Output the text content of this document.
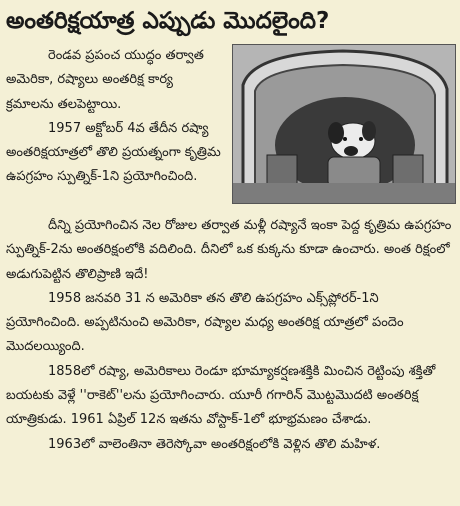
అంతరిక్షయాత్ర ఎప్పుడు మొదలైంది?

రెండవ ప్రపంచ యుద్ధం తర్వాత అమెరికా, రష్యాలు అంతరిక్ష కార్య క్రమాలను తలపెట్టాయి.

1957 అక్టోబర్ 4వ తేదీన రష్యా అంతరిక్షయాత్రలో తొలి ప్రయత్నంగా కృత్రిమ ఉపగ్రహం స్పుత్నిక్-1ని ప్రయోగించింది.

దీన్ని ప్రయోగించిన నెల రోజుల తర్వాత మళ్లీ రష్యానే ఇంకా పెద్ద కృత్రిమ ఉపగ్రహం స్పుత్నిక్-2ను అంతరిక్షంలోకి వదిలింది. దీనిలో ఒక కుక్కను కూడా ఉంచారు. అంత రిక్షంలో అడుగుపెట్టిన తొలిప్రాణి ఇదే!

1958 జనవరి 31 న అమెరికా తన తొలి ఉపగ్రహం ఎక్స్‌ప్లోరర్-1ని ప్రయోగించింది. అప్పటినుంచి అమెరికా, రష్యాల మధ్య అంతరిక్ష యాత్రలో పందెం మొదలయ్యింది.

1858లో రష్యా, అమెరికాలు రెండూ భూమ్యాకర్షణశక్తికి మించిన రెట్టింపు శక్తితో బయటకు వెళ్లే ''రాకెట్''లను ప్రయోగించారు. యూరీ గగారిన్ మొట్టమొదటి అంతరిక్ష యాత్రికుడు. 1961 ఏప్రిల్ 12న ఇతను వోస్టాక్-1లో భూభ్రమణం చేశాడు.

1963లో వాలెంతినా తెరెస్కోవా అంతరిక్షంలోకి వెళ్లిన తొలి మహిళ.
